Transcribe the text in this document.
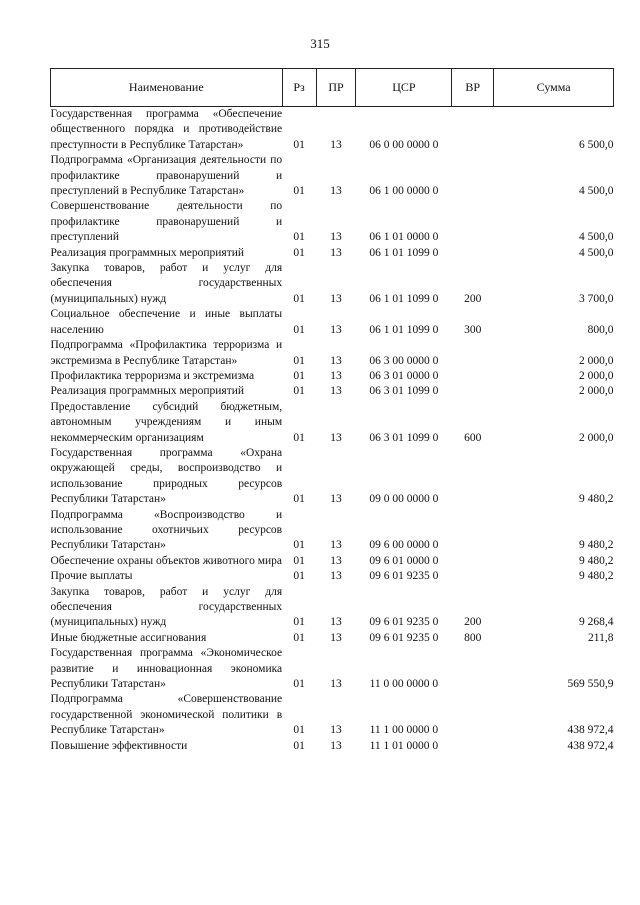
315
Наименование	Рз	ПР	ЦСР	ВР	Сумма
Государственная программа «Обеспечение общественного порядка и противодействие преступности в Республике Татарстан»	01	13	06 0 00 0000 0		6 500,0
Подпрограмма «Организация деятельности по профилактике правонарушений и преступлений в Республике Татарстан»	01	13	06 1 00 0000 0		4 500,0
Совершенствование деятельности по профилактике правонарушений и преступлений	01	13	06 1 01 0000 0		4 500,0
Реализация программных мероприятий	01	13	06 1 01 1099 0		4 500,0
Закупка товаров, работ и услуг для обеспечения государственных (муниципальных) нужд	01	13	06 1 01 1099 0	200	3 700,0
Социальное обеспечение и иные выплаты населению	01	13	06 1 01 1099 0	300	800,0
Подпрограмма «Профилактика терроризма и экстремизма в Республике Татарстан»	01	13	06 3 00 0000 0		2 000,0
Профилактика терроризма и экстремизма	01	13	06 3 01 0000 0		2 000,0
Реализация программных мероприятий	01	13	06 3 01 1099 0		2 000,0
Предоставление субсидий бюджетным, автономным учреждениям и иным некоммерческим организациям	01	13	06 3 01 1099 0	600	2 000,0
Государственная программа «Охрана окружающей среды, воспроизводство и использование природных ресурсов Республики Татарстан»	01	13	09 0 00 0000 0		9 480,2
Подпрограмма «Воспроизводство и использование охотничьих ресурсов Республики Татарстан»	01	13	09 6 00 0000 0		9 480,2
Обеспечение охраны объектов животного мира	01	13	09 6 01 0000 0		9 480,2
Прочие выплаты	01	13	09 6 01 9235 0		9 480,2
Закупка товаров, работ и услуг для обеспечения государственных (муниципальных) нужд	01	13	09 6 01 9235 0	200	9 268,4
Иные бюджетные ассигнования	01	13	09 6 01 9235 0	800	211,8
Государственная программа «Экономическое развитие и инновационная экономика Республики Татарстан»	01	13	11 0 00 0000 0		569 550,9
Подпрограмма «Совершенствование государственной экономической политики в Республике Татарстан»	01	13	11 1 00 0000 0		438 972,4
Повышение эффективности	01	13	11 1 01 0000 0		438 972,4
